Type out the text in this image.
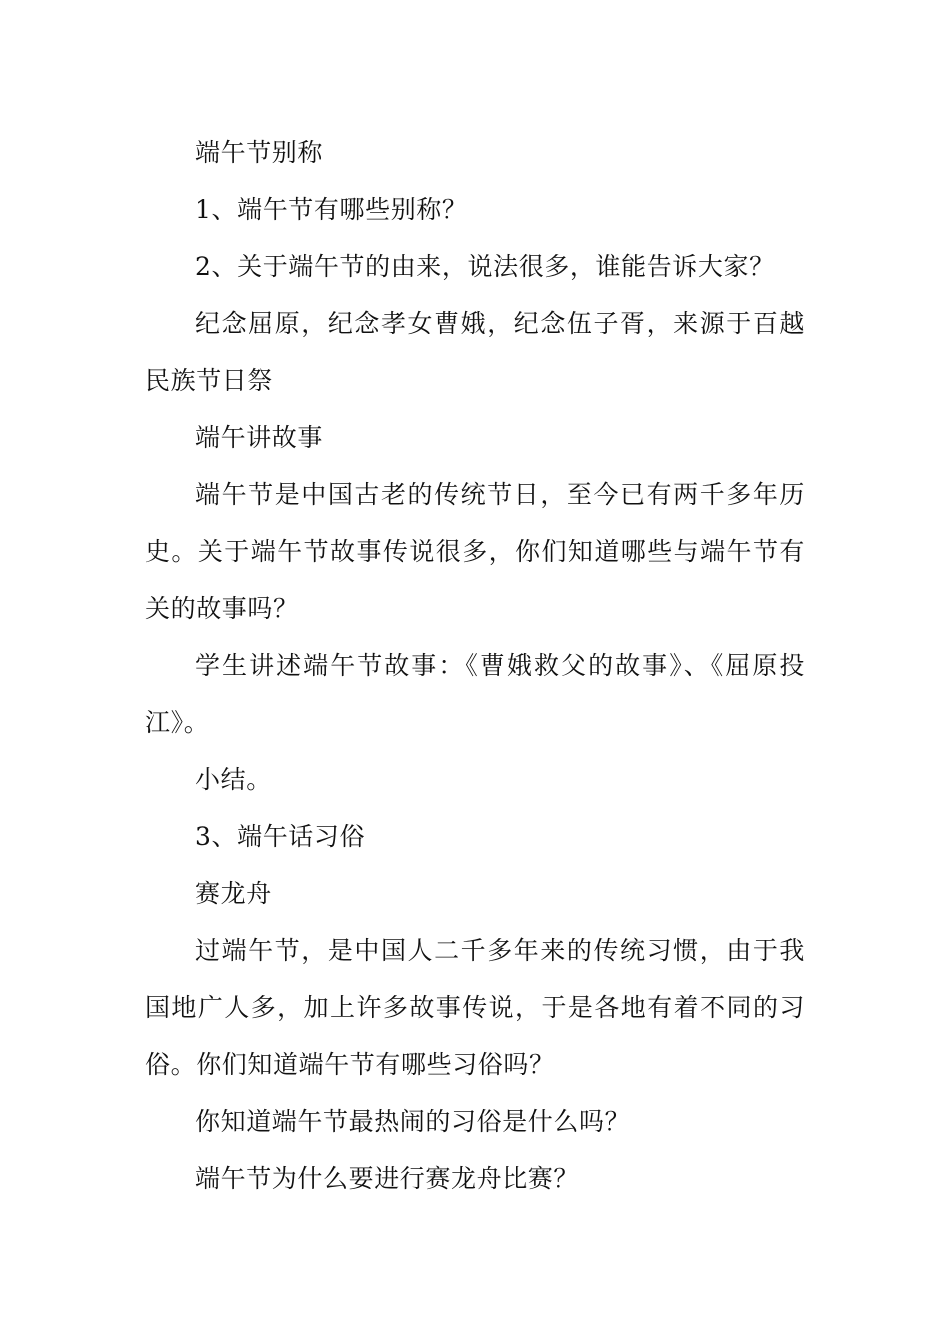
端午节别称

1、端午节有哪些别称？

2、关于端午节的由来，说法很多，谁能告诉大家？

纪念屈原，纪念孝女曹娥，纪念伍子胥，来源于百越民族节日祭

端午讲故事

端午节是中国古老的传统节日，至今已有两千多年历史。关于端午节故事传说很多，你们知道哪些与端午节有关的故事吗？

学生讲述端午节故事：《曹娥救父的故事》、《屈原投江》。

小结。

3、端午话习俗

赛龙舟

过端午节，是中国人二千多年来的传统习惯，由于我国地广人多，加上许多故事传说，于是各地有着不同的习俗。你们知道端午节有哪些习俗吗？

你知道端午节最热闹的习俗是什么吗？

端午节为什么要进行赛龙舟比赛？
